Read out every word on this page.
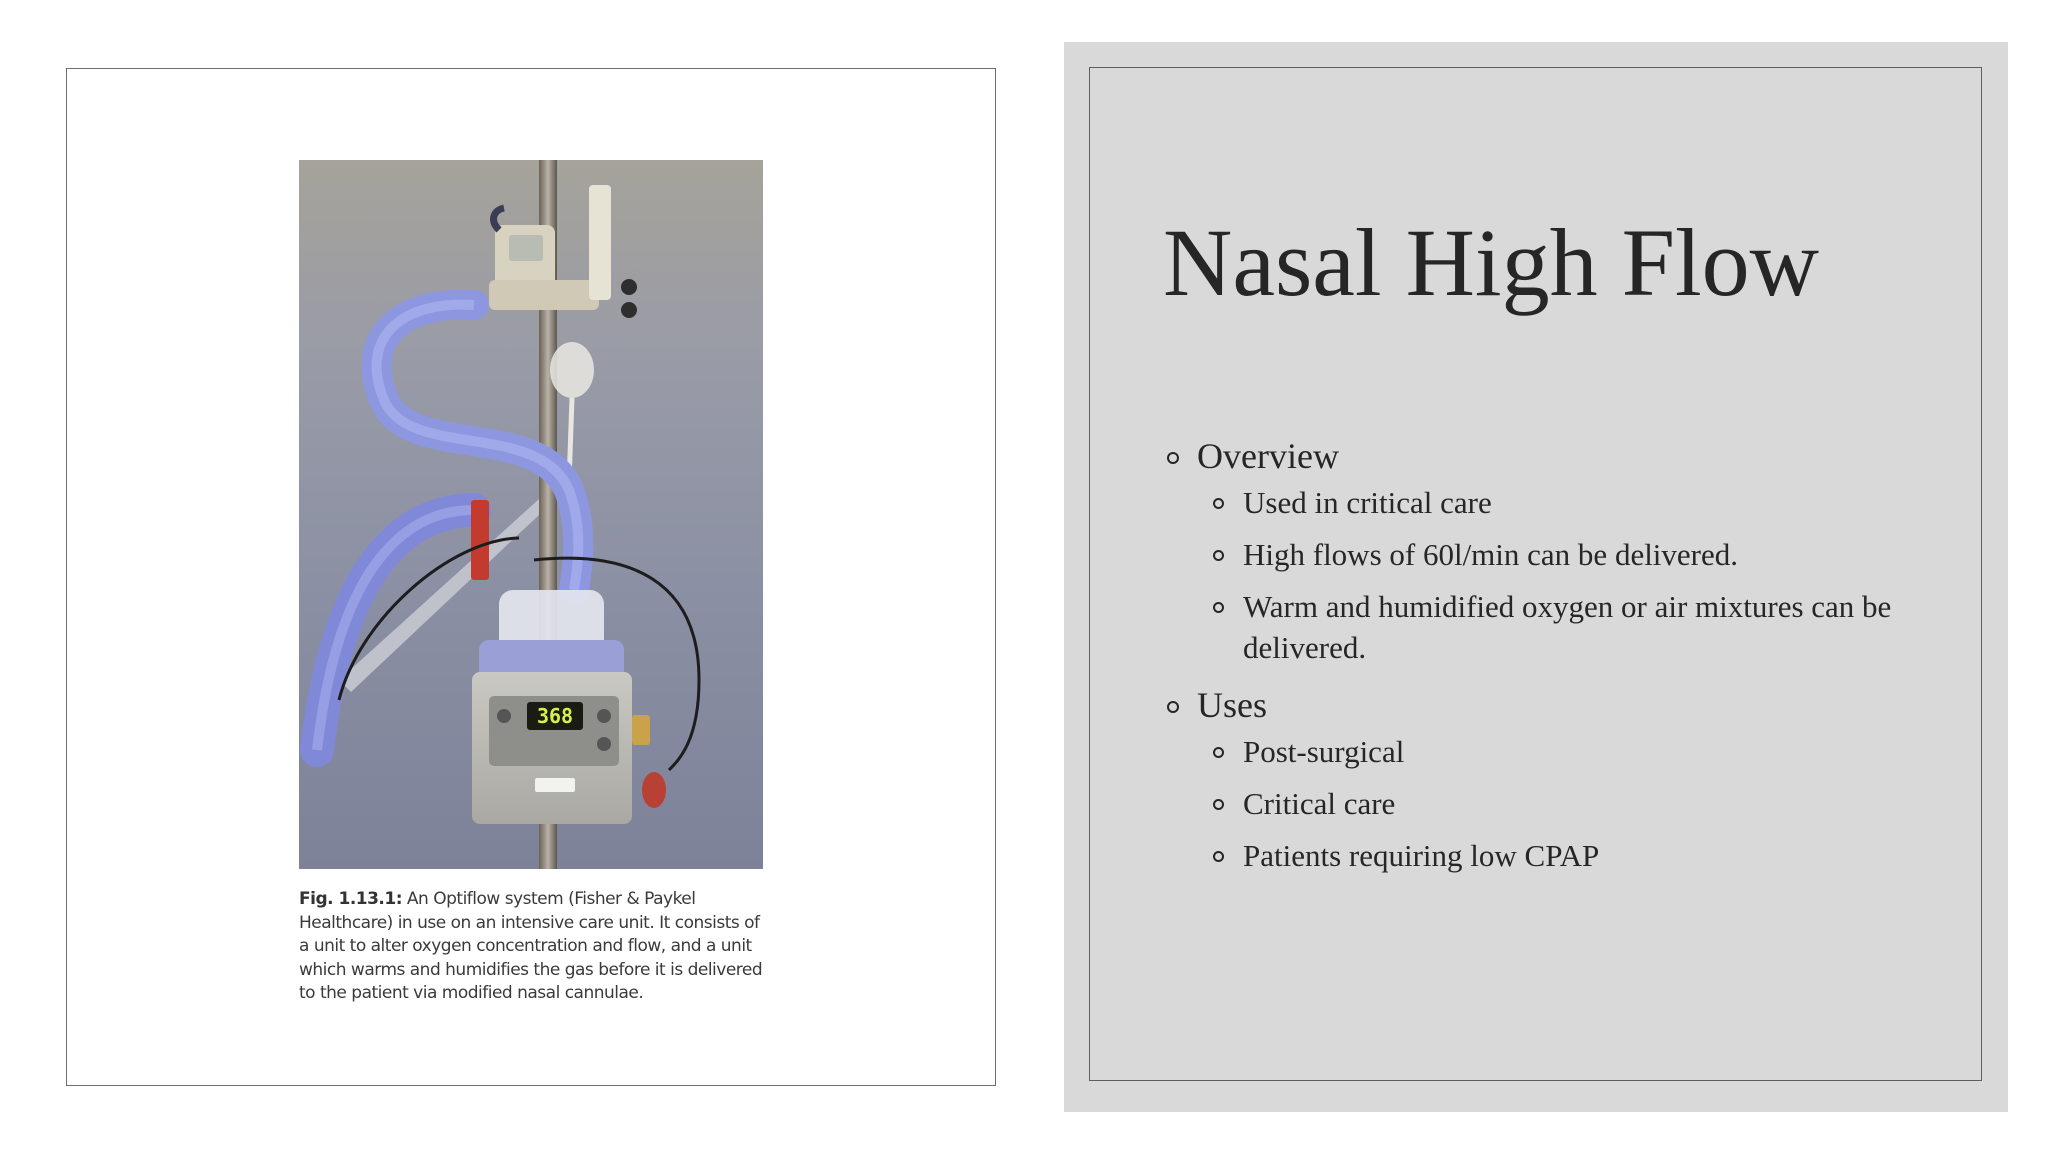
368
Fig. 1.13.1: An Optiflow system (Fisher & Paykel Healthcare) in use on an intensive care unit. It consists of a unit to alter oxygen concentration and flow, and a unit which warms and humidifies the gas before it is delivered to the patient via modified nasal cannulae.
Nasal High Flow
Overview
Used in critical care
High flows of 60l/min can be delivered.
Warm and humidified oxygen or air mixtures can be delivered.
Uses
Post-surgical
Critical care
Patients requiring low CPAP
